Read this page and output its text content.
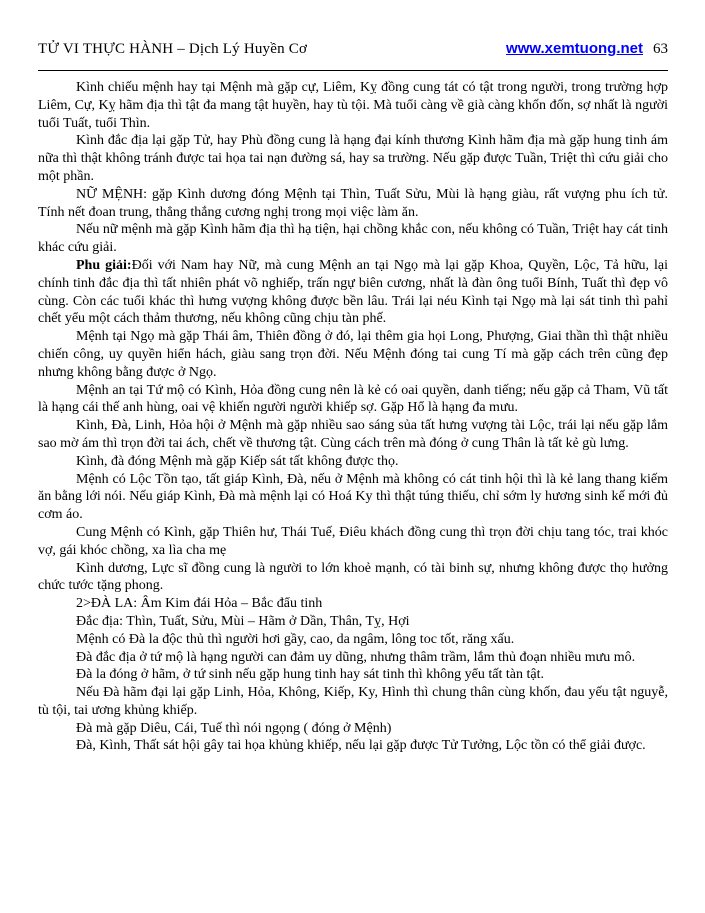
TỬ VI THỰC HÀNH – Dịch Lý Huyền Cơ	www.xemtuong.net 63

Kình chiếu mệnh hay tại Mệnh mà gặp cự, Liêm, Kỵ đồng cung tát có tật trong người, trong trường hợp Liêm, Cự, Kỵ hãm địa thì tật đa mang tật huyền, hay tù tội. Mà tuổi càng về già càng khốn đốn, sợ nhất là người tuổi Tuất, tuổi Thìn.

Kình đắc địa lại gặp Tử, hay Phù đồng cung là hạng đại kính thương Kình hãm địa mà gặp hung tinh ám nữa thì thật không tránh được tai họa tai nạn đường sá, hay sa trường. Nếu gặp được Tuần, Triệt thì cứu giải cho một phần.

NỮ MỆNH: gặp Kình dương đóng Mệnh tại Thìn, Tuất Sửu, Mùi là hạng giàu, rất vượng phu ích tử. Tính nết đoan trung, thẳng thắng cương nghị trong mọi việc làm ăn.

Nếu nữ mệnh mà gặp Kình hãm địa thì hạ tiện, hại chồng khắc con, nếu không có Tuần, Triệt hay cát tinh khác cứu giải.

Phu giải:Đối với Nam hay Nữ, mà cung Mệnh an tại Ngọ mà lại gặp Khoa, Quyền, Lộc, Tả hữu, lại chính tinh đắc địa thì tất nhiên phát võ nghiếp, trấn ngự biên cương, nhất là đàn ông tuổi Bính, Tuất thì đẹp vô cùng. Còn các tuổi khác thì hưng vượng không được bền lâu. Trái lại néu Kình tại Ngọ mà lại sát tinh thì pahỉ chết yểu một cách thảm thương, nếu không cũng chịu tàn phế.

Mệnh tại Ngọ mà gặp Thái âm, Thiên đồng ở đó, lại thêm gia họi Long, Phượng, Giai thần thì thật nhiều chiến công, uy quyền hiển hách, giàu sang trọn đời. Nếu Mệnh đóng tai cung Tí mà gặp cách trên cũng đẹp nhưng không bằng được ở Ngọ.

Mệnh an tại Tứ mộ có Kình, Hỏa đồng cung nên là kẻ có oai quyền, danh tiếng; nếu gặp cả Tham, Vũ tất là hạng cái thế anh hùng, oai vệ khiến người người khiếp sợ. Gặp Hổ là hạng đa mưu.

Kình, Đà, Linh, Hỏa hội ở Mệnh mà gặp nhiều sao sáng sủa tất hưng vượng tài Lộc, trái lại nếu gặp lắm sao mờ ám thì trọn đời tai ách, chết về thương tật. Cùng cách trên mà đóng ở cung Thân là tất kẻ gù lưng.

Kình, đà đóng Mệnh mà gặp Kiếp sát tất không được thọ.

Mệnh có Lộc Tồn tạo, tất giáp Kình, Đà, nếu ở Mệnh mà không có cát tinh hội thì là kẻ lang thang kiếm ăn bằng lới nói. Nếu giáp Kình, Đà mà mệnh lại có Hoá Ky thì thật túng thiếu, chỉ sớm ly hương sinh kế mới đủ cơm áo.

Cung Mệnh có Kình, gặp Thiên hư, Thái Tuế, Điêu khách đồng cung thì trọn đời chịu tang tóc, trai khóc vợ, gái khóc chồng, xa lìa cha mẹ

Kình dương, Lực sĩ đồng cung là người to lớn khoẻ mạnh, có tài binh sự, nhưng không được thọ hưởng chức tước tặng phong.

2>ĐÀ LA: Âm Kim đái Hỏa – Bắc đẩu tinh

Đắc địa: Thìn, Tuất, Sửu, Mùi – Hãm ở Dần, Thân, Tỵ, Hợi

Mệnh có Đà la độc thủ thì người hơi gầy, cao, da ngâm, lông toc tốt, răng xấu.

Đà đắc địa ở tứ mộ là hạng người can đảm uy dũng, nhưng thâm trầm, lắm thủ đoạn nhiều mưu mô.

Đà la đóng ở hãm, ở tứ sinh nếu gặp hung tinh hay sát tinh thì không yểu tất tàn tật.

Nếu Đà hãm đại lại gặp Linh, Hỏa, Không, Kiếp, Ky, Hình thì chung thân cùng khốn, đau yếu tật nguyễ, tù tội, tai ương khủng khiếp.

Đà mà gặp Diêu, Cái, Tuế thì nói ngọng ( đóng ở Mệnh)

Đà, Kình, Thất sát hội gây tai họa khủng khiếp, nếu lại gặp được Tử Tưởng, Lộc tồn có thể giải được.
